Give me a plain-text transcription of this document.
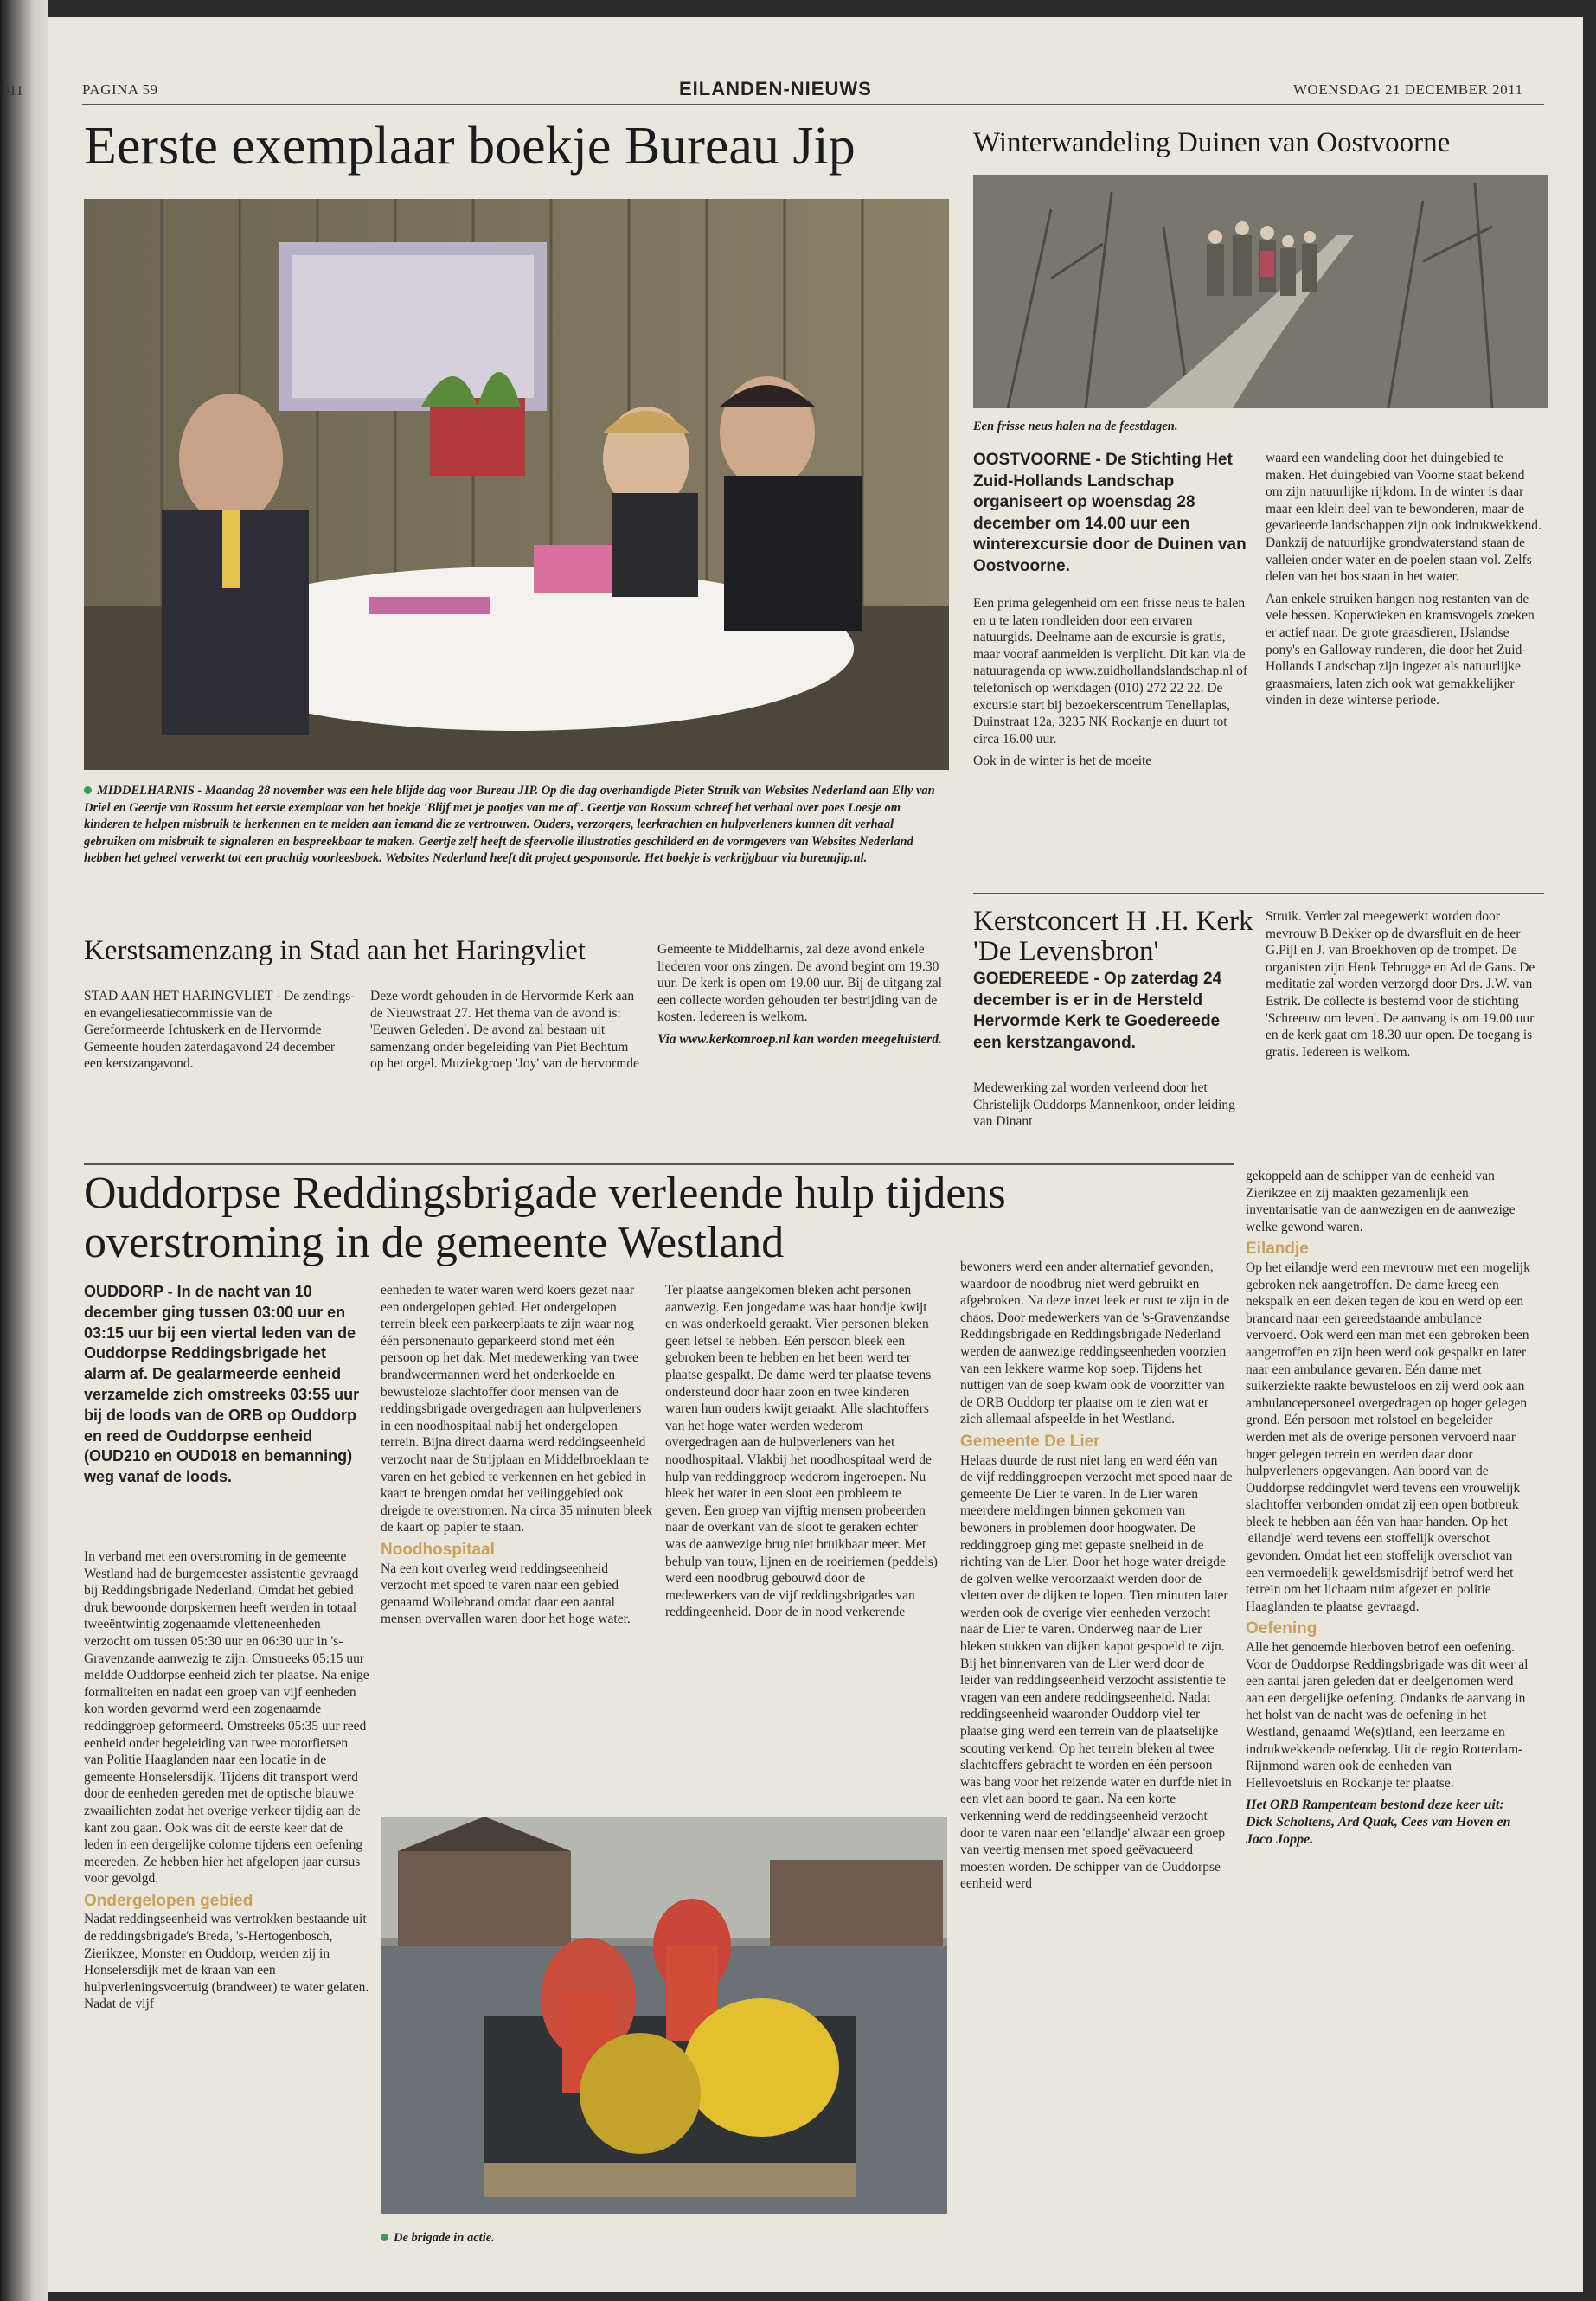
011	PAGINA 59	EILANDEN-NIEUWS	WOENSDAG 21 DECEMBER 2011
Eerste exemplaar boekje Bureau Jip
MIDDELHARNIS - Maandag 28 november was een hele blijde dag voor Bureau JIP. Op die dag overhandigde Pieter Struik van Websites Nederland aan Elly van Driel en Geertje van Rossum het eerste exemplaar van het boekje 'Blijf met je pootjes van me af'. Geertje van Rossum schreef het verhaal over poes Loesje om kinderen te helpen misbruik te herkennen en te melden aan iemand die ze vertrouwen. Ouders, verzorgers, leerkrachten en hulpverleners kunnen dit verhaal gebruiken om misbruik te signaleren en bespreekbaar te maken. Geertje zelf heeft de sfeervolle illustraties geschilderd en de vormgevers van Websites Nederland hebben het geheel verwerkt tot een prachtig voorleesboek. Websites Nederland heeft dit project gesponsorde. Het boekje is verkrijgbaar via bureaujip.nl.
Winterwandeling Duinen van Oostvoorne
Een frisse neus halen na de feestdagen.
OOSTVOORNE - De Stichting Het Zuid-Hollands Landschap organiseert op woensdag 28 december om 14.00 uur een winterexcursie door de Duinen van Oostvoorne.

Een prima gelegenheid om een frisse neus te halen en u te laten rondleiden door een ervaren natuurgids. Deelname aan de excursie is gratis, maar vooraf aanmelden is verplicht. Dit kan via de natuuragenda op www.zuidhollandslandschap.nl of telefonisch op werkdagen (010) 272 22 22. De excursie start bij bezoekerscentrum Tenellaplas, Duinstraat 12a, 3235 NK Rockanje en duurt tot circa 16.00 uur.

Ook in de winter is het de moeite

waard een wandeling door het duingebied te maken. Het duingebied van Voorne staat bekend om zijn natuurlijke rijkdom. In de winter is daar maar een klein deel van te bewonderen, maar de gevarieerde landschappen zijn ook indrukwekkend. Dankzij de natuurlijke grondwaterstand staan de valleien onder water en de poelen staan vol. Zelfs delen van het bos staan in het water.

Aan enkele struiken hangen nog restanten van de vele bessen. Koperwieken en kramsvogels zoeken er actief naar. De grote graasdieren, IJslandse pony's en Galloway runderen, die door het Zuid-Hollands Landschap zijn ingezet als natuurlijke graasmaiers, laten zich ook wat gemakkelijker vinden in deze winterse periode.

Kerstsamenzang in Stad aan het Haringvliet
STAD AAN HET HARINGVLIET - De zendings- en evangeliesatiecommissie van de Gereformeerde Ichtuskerk en de Hervormde Gemeente houden zaterdagavond 24 december een kerstzangavond.
Deze wordt gehouden in de Hervormde Kerk aan de Nieuwstraat 27. Het thema van de avond is: 'Eeuwen Geleden'. De avond zal bestaan uit samenzang onder begeleiding van Piet Bechtum op het orgel. Muziekgroep 'Joy' van de hervormde

Gemeente te Middelharnis, zal deze avond enkele liederen voor ons zingen. De avond begint om 19.30 uur. De kerk is open om 19.00 uur. Bij de uitgang zal een collecte worden gehouden ter bestrijding van de kosten. Iedereen is welkom.

Via www.kerkomroep.nl kan worden meegeluisterd.

Kerstconcert H .H. Kerk 'De Levensbron'
GOEDEREEDE - Op zaterdag 24 december is er in de Hersteld Hervormde Kerk te Goedereede een kerstzangavond.
Medewerking zal worden verleend door het Christelijk Ouddorps Mannenkoor, onder leiding van Dinant
Struik. Verder zal meegewerkt worden door mevrouw B.Dekker op de dwarsfluit en de heer G.Pijl en J. van Broekhoven op de trompet. De organisten zijn Henk Tebrugge en Ad de Gans. De meditatie zal worden verzorgd door Drs. J.W. van Estrik. De collecte is bestemd voor de stichting 'Schreeuw om leven'. De aanvang is om 19.00 uur en de kerk gaat om 18.30 uur open. De toegang is gratis. Iedereen is welkom.
Ouddorpse Reddingsbrigade verleende hulp tijdens
overstroming in de gemeente Westland
OUDDORP - In de nacht van 10 december ging tussen 03:00 uur en 03:15 uur bij een viertal leden van de Ouddorpse Reddingsbrigade het alarm af. De gealarmeerde eenheid verzamelde zich omstreeks 03:55 uur bij de loods van de ORB op Ouddorp en reed de Ouddorpse eenheid (OUD210 en OUD018 en bemanning) weg vanaf de loods.

In verband met een overstroming in de gemeente Westland had de burgemeester assistentie gevraagd bij Reddingsbrigade Nederland. Omdat het gebied druk bewoonde dorpskernen heeft werden in totaal tweeëntwintig zogenaamde vletteneenheden verzocht om tussen 05:30 uur en 06:30 uur in 's-Gravenzande aanwezig te zijn. Omstreeks 05:15 uur meldde Ouddorpse eenheid zich ter plaatse. Na enige formaliteiten en nadat een groep van vijf eenheden kon worden gevormd werd een zogenaamde reddinggroep geformeerd. Omstreeks 05:35 uur reed eenheid onder begeleiding van twee motorfietsen van Politie Haaglanden naar een locatie in de gemeente Honselersdijk. Tijdens dit transport werd door de eenheden gereden met de optische blauwe zwaailichten zodat het overige verkeer tijdig aan de kant zou gaan. Ook was dit de eerste keer dat de leden in een dergelijke colonne tijdens een oefening meereden. Ze hebben hier het afgelopen jaar cursus voor gevolgd.

Ondergelopen gebied

Nadat reddingseenheid was vertrokken bestaande uit de reddingsbrigade's Breda, 's-Hertogenbosch, Zierikzee, Monster en Ouddorp, werden zij in Honselersdijk met de kraan van een hulpverleningsvoertuig (brandweer) te water gelaten. Nadat de vijf

eenheden te water waren werd koers gezet naar een ondergelopen gebied. Het ondergelopen terrein bleek een parkeerplaats te zijn waar nog één personenauto geparkeerd stond met één persoon op het dak. Met medewerking van twee brandweermannen werd het onderkoelde en bewusteloze slachtoffer door mensen van de reddingsbrigade overgedragen aan hulpverleners in een noodhospitaal nabij het ondergelopen terrein. Bijna direct daarna werd reddingseenheid verzocht naar de Strijplaan en Middelbroeklaan te varen en het gebied te verkennen en het gebied in kaart te brengen omdat het veilinggebied ook dreigde te overstromen. Na circa 35 minuten bleek de kaart op papier te staan.

Noodhospitaal

Na een kort overleg werd reddingseenheid verzocht met spoed te varen naar een gebied genaamd Wollebrand omdat daar een aantal mensen overvallen waren door het hoge water.

Ter plaatse aangekomen bleken acht personen aanwezig. Een jongedame was haar hondje kwijt en was onderkoeld geraakt. Vier personen bleken geen letsel te hebben. Eén persoon bleek een gebroken been te hebben en het been werd ter plaatse gespalkt. De dame werd ter plaatse tevens ondersteund door haar zoon en twee kinderen waren hun ouders kwijt geraakt. Alle slachtoffers van het hoge water werden wederom overgedragen aan de hulpverleners van het noodhospitaal. Vlakbij het noodhospitaal werd de hulp van reddinggroep wederom ingeroepen. Nu bleek het water in een sloot een probleem te geven. Een groep van vijftig mensen probeerden naar de overkant van de sloot te geraken echter was de aanwezige brug niet bruikbaar meer. Met behulp van touw, lijnen en de roeiriemen (peddels) werd een noodbrug gebouwd door de medewerkers van de vijf reddingsbrigades van reddingeenheid. Door de in nood verkerende
De brigade in actie.

bewoners werd een ander alternatief gevonden, waardoor de noodbrug niet werd gebruikt en afgebroken. Na deze inzet leek er rust te zijn in de chaos. Door medewerkers van de 's-Gravenzandse Reddingsbrigade en Reddingsbrigade Nederland werden de aanwezige reddingseenheden voorzien van een lekkere warme kop soep. Tijdens het nuttigen van de soep kwam ook de voorzitter van de ORB Ouddorp ter plaatse om te zien wat er zich allemaal afspeelde in het Westland.

Gemeente De Lier

Helaas duurde de rust niet lang en werd één van de vijf reddinggroepen verzocht met spoed naar de gemeente De Lier te varen. In de Lier waren meerdere meldingen binnen gekomen van bewoners in problemen door hoogwater. De reddinggroep ging met gepaste snelheid in de richting van de Lier. Door het hoge water dreigde de golven welke veroorzaakt werden door de vletten over de dijken te lopen. Tien minuten later werden ook de overige vier eenheden verzocht naar de Lier te varen. Onderweg naar de Lier bleken stukken van dijken kapot gespoeld te zijn. Bij het binnenvaren van de Lier werd door de leider van reddingseenheid verzocht assistentie te vragen van een andere reddingseenheid. Nadat reddingseenheid waaronder Ouddorp viel ter plaatse ging werd een terrein van de plaatselijke scouting verkend. Op het terrein bleken al twee slachtoffers gebracht te worden en één persoon was bang voor het reizende water en durfde niet in een vlet aan boord te gaan. Na een korte verkenning werd de reddingseenheid verzocht door te varen naar een 'eilandje' alwaar een groep van veertig mensen met spoed geëvacueerd moesten worden. De schipper van de Ouddorpse eenheid werd

gekoppeld aan de schipper van de eenheid van Zierikzee en zij maakten gezamenlijk een inventarisatie van de aanwezigen en de aanwezige welke gewond waren.

Eilandje

Op het eilandje werd een mevrouw met een mogelijk gebroken nek aangetroffen. De dame kreeg een nekspalk en een deken tegen de kou en werd op een brancard naar een gereedstaande ambulance vervoerd. Ook werd een man met een gebroken been aangetroffen en zijn been werd ook gespalkt en later naar een ambulance gevaren. Eén dame met suikerziekte raakte bewusteloos en zij werd ook aan ambulancepersoneel overgedragen op hoger gelegen grond. Eén persoon met rolstoel en begeleider werden met als de overige personen vervoerd naar hoger gelegen terrein en werden daar door hulpverleners opgevangen. Aan boord van de Ouddorpse reddingvlet werd tevens een vrouwelijk slachtoffer verbonden omdat zij een open botbreuk bleek te hebben aan één van haar handen. Op het 'eilandje' werd tevens een stoffelijk overschot gevonden. Omdat het een stoffelijk overschot van een vermoedelijk geweldsmisdrijf betrof werd het terrein om het lichaam ruim afgezet en politie Haaglanden te plaatse gevraagd.

Oefening

Alle het genoemde hierboven betrof een oefening. Voor de Ouddorpse Reddingsbrigade was dit weer al een aantal jaren geleden dat er deelgenomen werd aan een dergelijke oefening. Ondanks de aanvang in het holst van de nacht was de oefening in het Westland, genaamd We(s)tland, een leerzame en indrukwekkende oefendag. Uit de regio Rotterdam-Rijnmond waren ook de eenheden van Hellevoetsluis en Rockanje ter plaatse.

Het ORB Rampenteam bestond deze keer uit: Dick Scholtens, Ard Quak, Cees van Hoven en Jaco Joppe.
